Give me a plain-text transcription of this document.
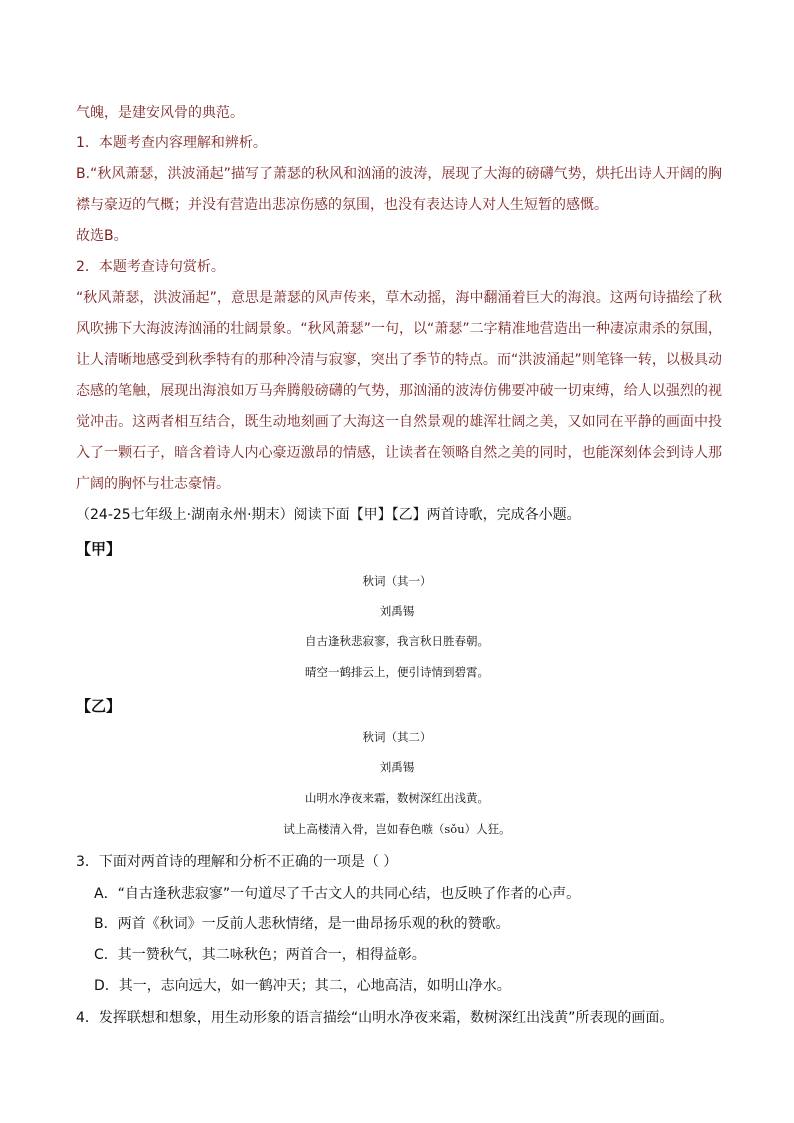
气魄，是建安风骨的典范。
1．本题考查内容理解和辨析。
B.“秋风萧瑟，洪波涌起”描写了萧瑟的秋风和汹涌的波涛，展现了大海的磅礴气势，烘托出诗人开阔的胸
襟与豪迈的气概；并没有营造出悲凉伤感的氛围，也没有表达诗人对人生短暂的感慨。
故选B。
2．本题考查诗句赏析。
“秋风萧瑟，洪波涌起”，意思是萧瑟的风声传来，草木动摇，海中翻涌着巨大的海浪。这两句诗描绘了秋
风吹拂下大海波涛汹涌的壮阔景象。“秋风萧瑟”一句，以“萧瑟”二字精准地营造出一种凄凉肃杀的氛围，
让人清晰地感受到秋季特有的那种冷清与寂寥，突出了季节的特点。而“洪波涌起”则笔锋一转，以极具动
态感的笔触，展现出海浪如万马奔腾般磅礴的气势，那汹涌的波涛仿佛要冲破一切束缚，给人以强烈的视
觉冲击。这两者相互结合，既生动地刻画了大海这一自然景观的雄浑壮阔之美，又如同在平静的画面中投
入了一颗石子，暗含着诗人内心豪迈激昂的情感，让读者在领略自然之美的同时，也能深刻体会到诗人那
广阔的胸怀与壮志豪情。
（24-25七年级上·湖南永州·期末）阅读下面【甲】【乙】两首诗歌，完成各小题。
【甲】
秋词（其一）
刘禹锡
自古逢秋悲寂寥，我言秋日胜春朝。
晴空一鹤排云上，便引诗情到碧霄。
【乙】
秋词（其二）
刘禹锡
山明水净夜来霜，数树深红出浅黄。
试上高楼清入骨，岂如春色嗾（sǒu）人狂。
3．下面对两首诗的理解和分析不正确的一项是（ ）
A．“自古逢秋悲寂寥”一句道尽了千古文人的共同心结，也反映了作者的心声。
B．两首《秋词》一反前人悲秋情绪，是一曲昂扬乐观的秋的赞歌。
C．其一赞秋气，其二咏秋色；两首合一，相得益彰。
D．其一，志向远大，如一鹤冲天；其二，心地高洁，如明山净水。
4．发挥联想和想象，用生动形象的语言描绘“山明水净夜来霜，数树深红出浅黄”所表现的画面。
